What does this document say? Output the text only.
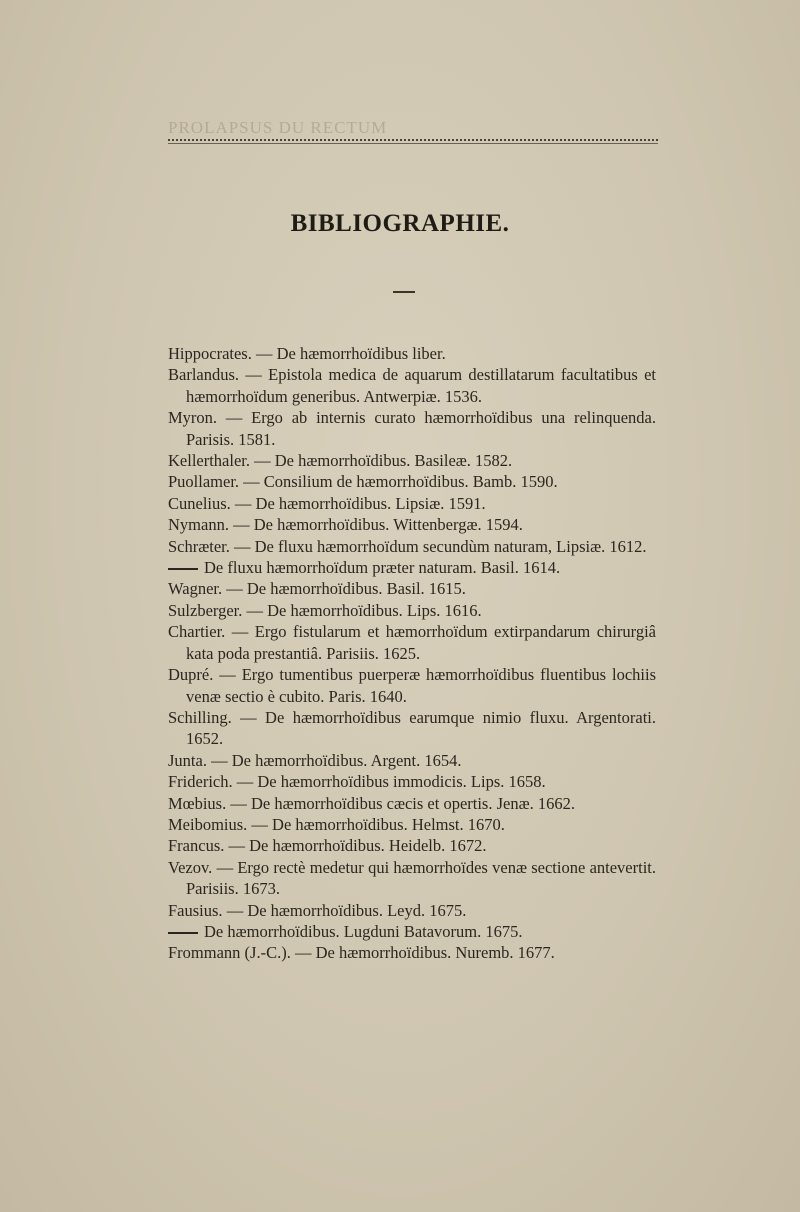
PROLAPSUS DU RECTUM
BIBLIOGRAPHIE.
Hippocrates. — De hæmorrhoïdibus liber.
Barlandus. — Epistola medica de aquarum destillatarum facultatibus et hæmorrhoïdum generibus. Antwerpiæ. 1536.
Myron. — Ergo ab internis curato hæmorrhoïdibus una relinquenda. Parisis. 1581.
Kellerthaler. — De hæmorrhoïdibus. Basileæ. 1582.
Puollamer. — Consilium de hæmorrhoïdibus. Bamb. 1590.
Cunelius. — De hæmorrhoïdibus. Lipsiæ. 1591.
Nymann. — De hæmorrhoïdibus. Wittenbergæ. 1594.
Schræter. — De fluxu hæmorrhoïdum secundùm naturam, Lipsiæ. 1612.
De fluxu hæmorrhoïdum præter naturam. Basil. 1614.
Wagner. — De hæmorrhoïdibus. Basil. 1615.
Sulzberger. — De hæmorrhoïdibus. Lips. 1616.
Chartier. — Ergo fistularum et hæmorrhoïdum extirpandarum chirurgiâ kata poda prestantiâ. Parisiis. 1625.
Dupré. — Ergo tumentibus puerperæ hæmorrhoïdibus fluentibus lochiis venæ sectio è cubito. Paris. 1640.
Schilling. — De hæmorrhoïdibus earumque nimio fluxu. Argentorati. 1652.
Junta. — De hæmorrhoïdibus. Argent. 1654.
Friderich. — De hæmorrhoïdibus immodicis. Lips. 1658.
Mœbius. — De hæmorrhoïdibus cæcis et opertis. Jenæ. 1662.
Meibomius. — De hæmorrhoïdibus. Helmst. 1670.
Francus. — De hæmorrhoïdibus. Heidelb. 1672.
Vezov. — Ergo rectè medetur qui hæmorrhoïdes venæ sectione antevertit. Parisiis. 1673.
Fausius. — De hæmorrhoïdibus. Leyd. 1675.
De hæmorrhoïdibus. Lugduni Batavorum. 1675.
Frommann (J.-C.). — De hæmorrhoïdibus. Nuremb. 1677.
